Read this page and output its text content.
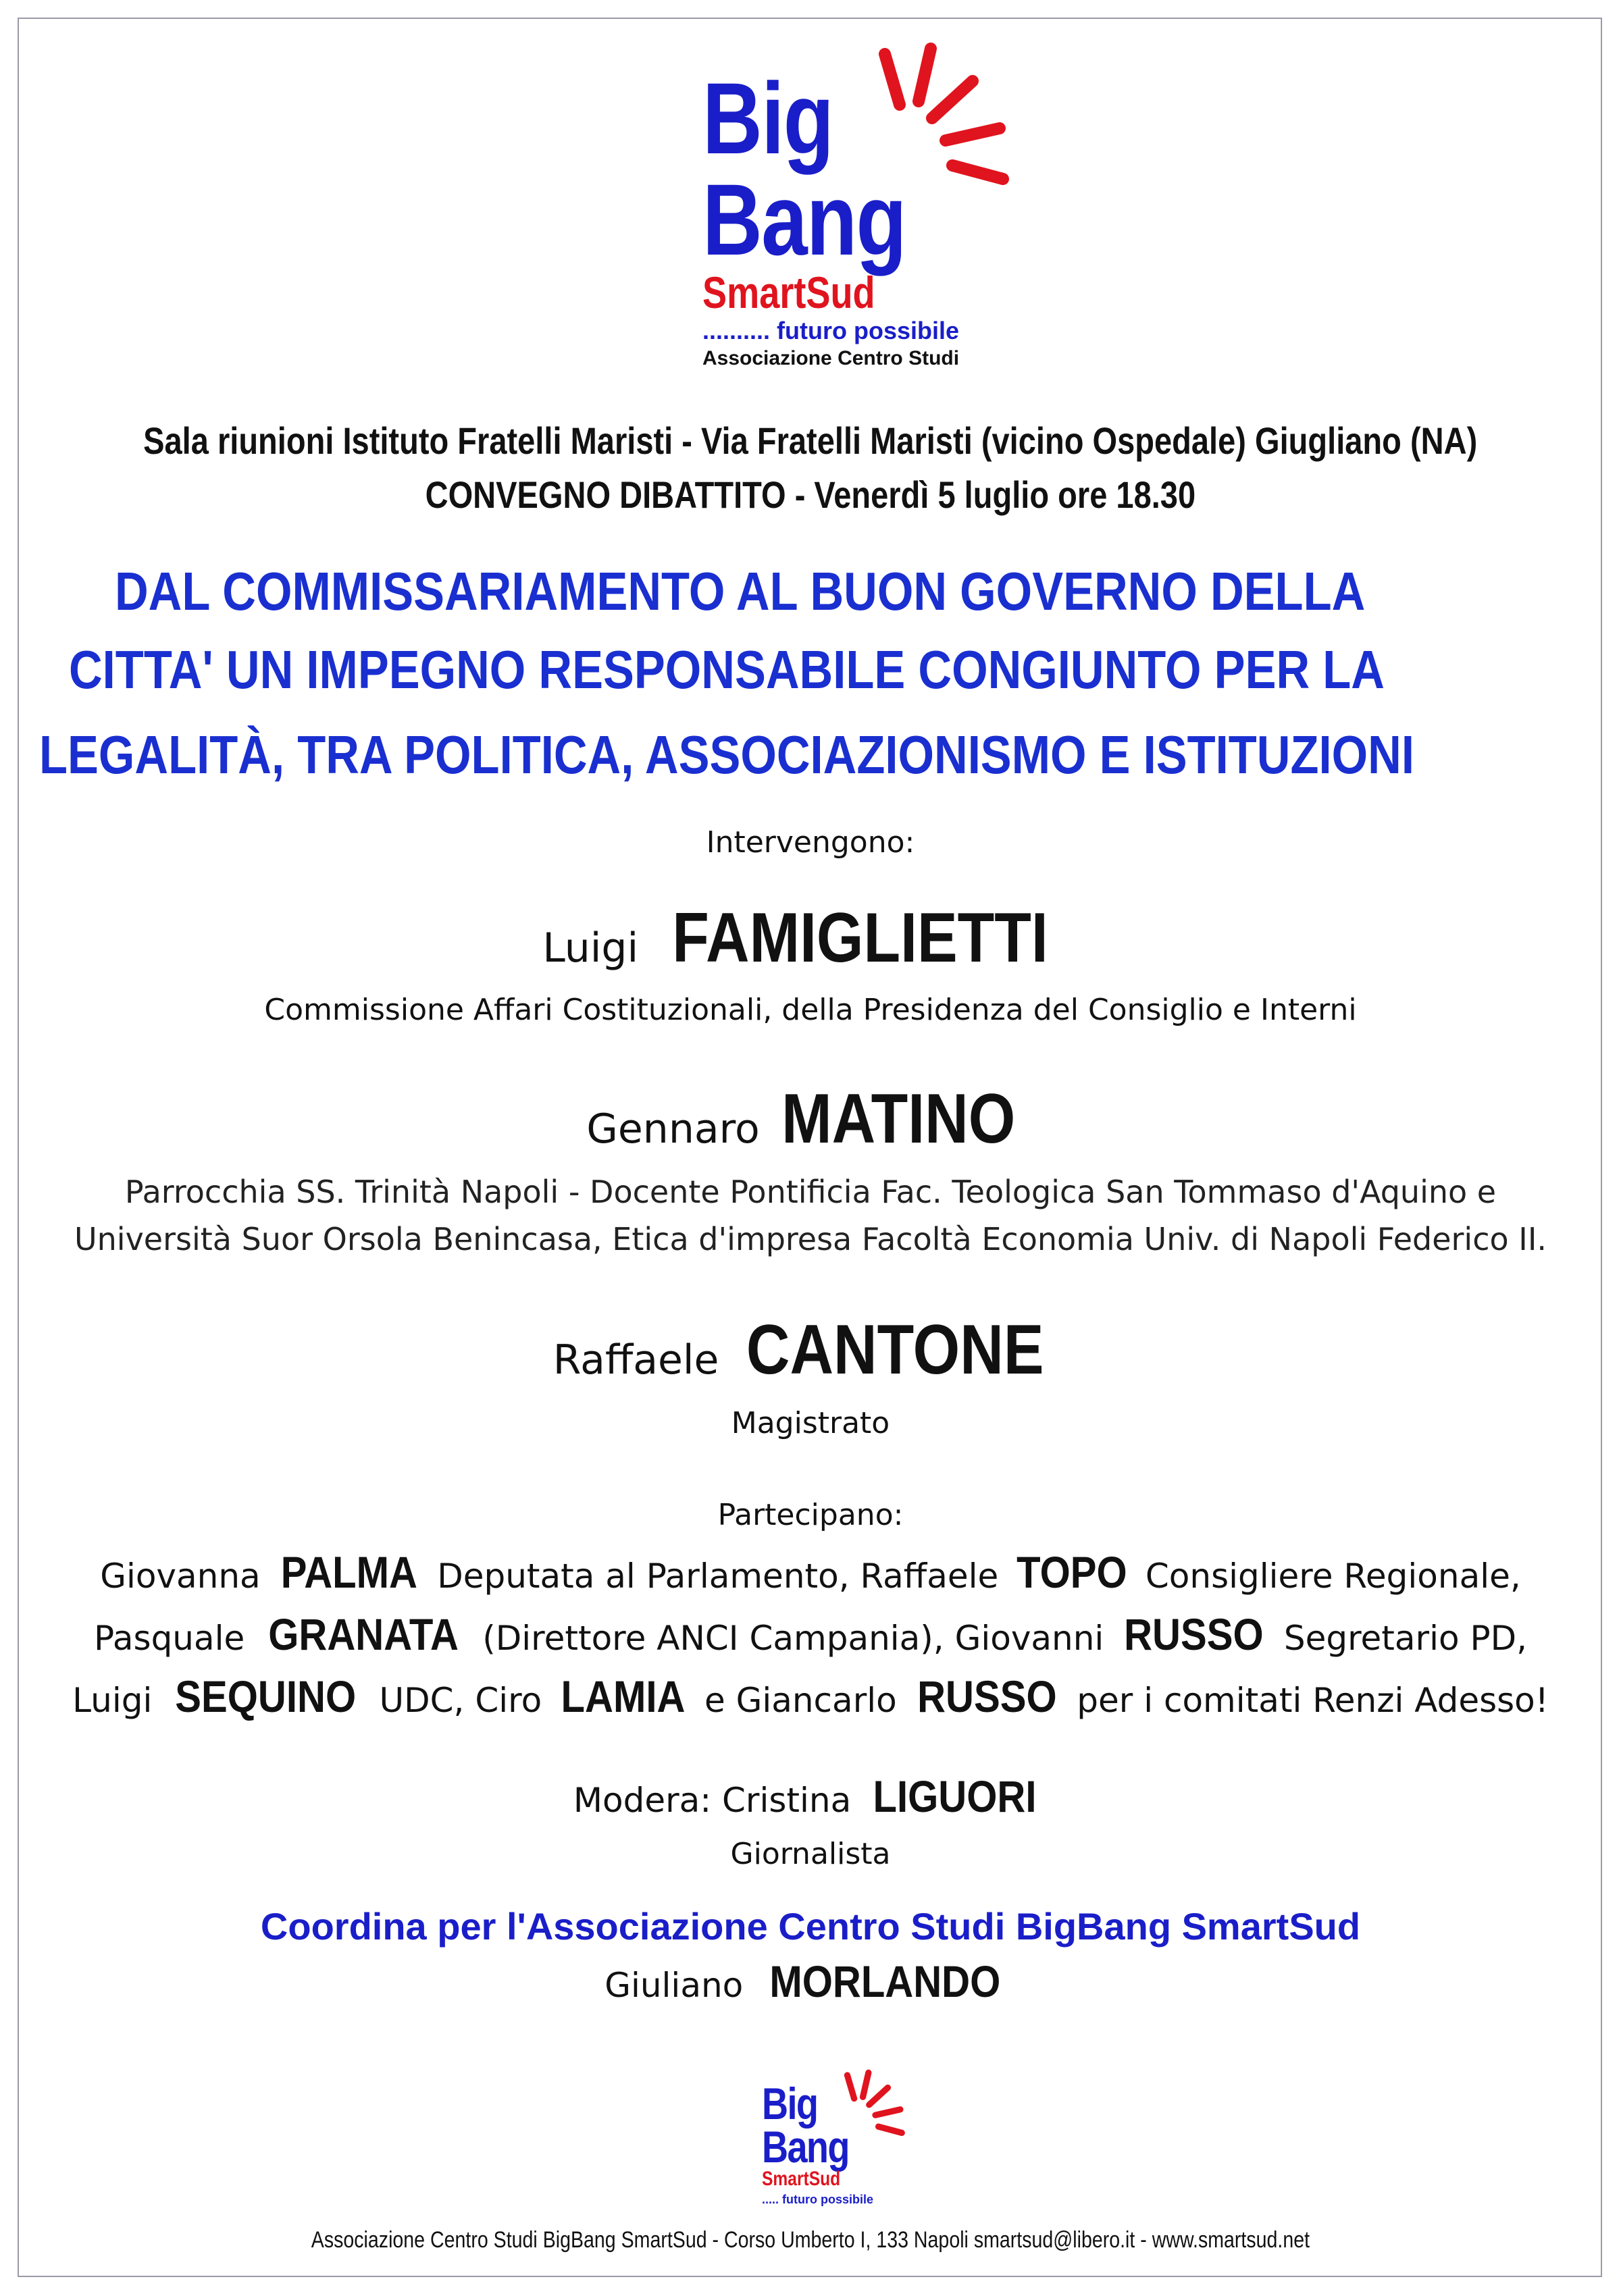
Big
Bang
SmartSud
.......... futuro possibile
Associazione Centro Studi
Sala riunioni Istituto Fratelli Maristi - Via Fratelli Maristi (vicino Ospedale) Giugliano (NA)
CONVEGNO DIBATTITO - Venerdì 5 luglio ore 18.30
DAL COMMISSARIAMENTO AL BUON GOVERNO DELLA
CITTA' UN IMPEGNO RESPONSABILE CONGIUNTO PER LA
LEGALITÀ, TRA POLITICA, ASSOCIAZIONISMO E ISTITUZIONI
Intervengono:
Luigi FAMIGLIETTI
Commissione Affari Costituzionali, della Presidenza del Consiglio e Interni
Gennaro MATINO
Parrocchia SS. Trinità Napoli - Docente Pontificia Fac. Teologica San Tommaso d'Aquino e
Università Suor Orsola Benincasa, Etica d'impresa Facoltà Economia Univ. di Napoli Federico II.
Raffaele CANTONE
Magistrato
Partecipano:
Giovanna PALMA Deputata al Parlamento, Raffaele TOPO Consigliere Regionale,
Pasquale GRANATA (Direttore ANCI Campania), Giovanni RUSSO Segretario PD,
Luigi SEQUINO UDC, Ciro LAMIA e Giancarlo RUSSO per i comitati Renzi Adesso!
Modera: Cristina LIGUORI
Giornalista
Coordina per l'Associazione Centro Studi BigBang SmartSud
Giuliano MORLANDO
Big
Bang
SmartSud
..... futuro possibile
Associazione Centro Studi BigBang SmartSud - Corso Umberto I, 133 Napoli smartsud@libero.it - www.smartsud.net
